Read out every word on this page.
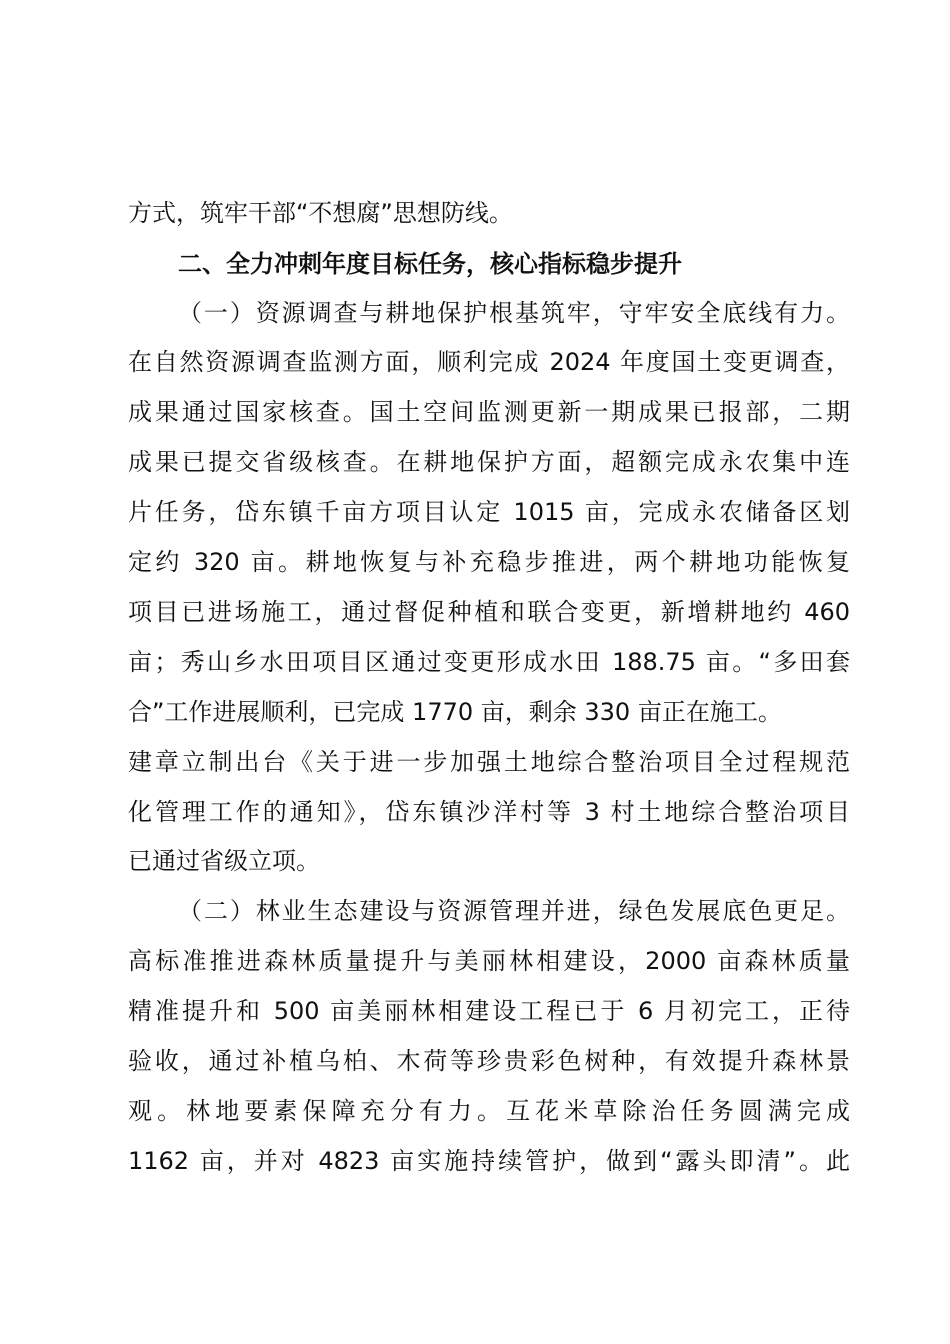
方式，筑牢干部“不想腐”思想防线。
二、全力冲刺年度目标任务，核心指标稳步提升
（一）资源调查与耕地保护根基筑牢，守牢安全底线有力。
在自然资源调查监测方面，顺利完成 2024 年度国土变更调查，
成果通过国家核查。国土空间监测更新一期成果已报部，二期
成果已提交省级核查。在耕地保护方面，超额完成永农集中连
片任务，岱东镇千亩方项目认定 1015 亩，完成永农储备区划
定约 320 亩。耕地恢复与补充稳步推进，两个耕地功能恢复
项目已进场施工，通过督促种植和联合变更，新增耕地约 460
亩；秀山乡水田项目区通过变更形成水田 188.75 亩。“多田套
合”工作进展顺利，已完成 1770 亩，剩余 330 亩正在施工。
建章立制出台《关于进一步加强土地综合整治项目全过程规范
化管理工作的通知》，岱东镇沙洋村等 3 村土地综合整治项目
已通过省级立项。
（二）林业生态建设与资源管理并进，绿色发展底色更足。
高标准推进森林质量提升与美丽林相建设，2000 亩森林质量
精准提升和 500 亩美丽林相建设工程已于 6 月初完工，正待
验收，通过补植乌柏、木荷等珍贵彩色树种，有效提升森林景
观。林地要素保障充分有力。互花米草除治任务圆满完成
1162 亩，并对 4823 亩实施持续管护，做到“露头即清”。此
